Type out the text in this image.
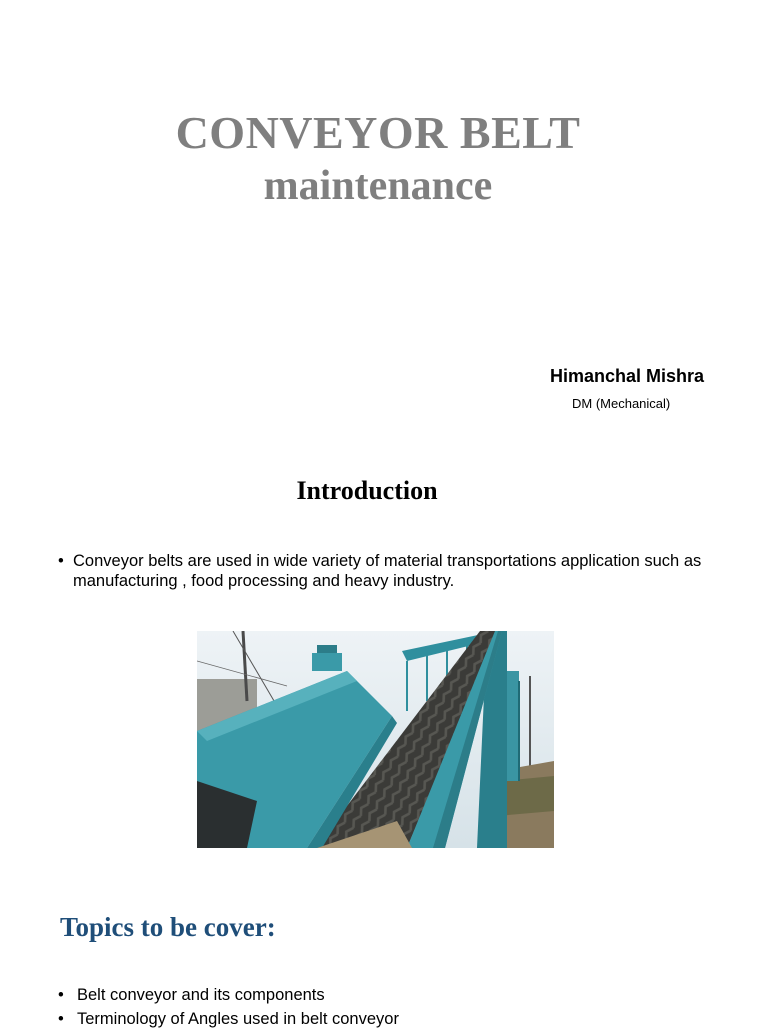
CONVEYOR BELT
maintenance
Himanchal Mishra
DM (Mechanical)
Introduction
• Conveyor belts are used in wide variety of material transportations application such as manufacturing , food processing and heavy industry.
Topics to be cover:
• Belt conveyor and its components
• Terminology of Angles used in belt conveyor
